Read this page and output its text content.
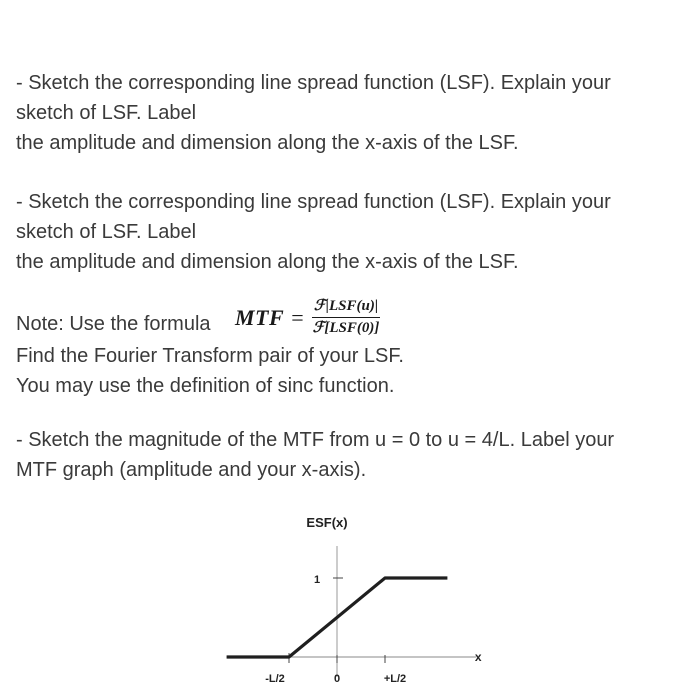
- Sketch the corresponding line spread function (LSF). Explain your
sketch of LSF. Label
the amplitude and dimension along the x-axis of the LSF.
- Sketch the corresponding line spread function (LSF). Explain your
sketch of LSF. Label
the amplitude and dimension along the x-axis of the LSF.
Note: Use the formula MTF = $\frac{\text{ℱ|LSF(u)|}}{\text{ℱ[LSF(0)]}}$
Find the Fourier Transform pair of your LSF.
You may use the definition of sinc function.
- Sketch the magnitude of the MTF from u = 0 to u = 4/L. Label your
MTF graph (amplitude and your x-axis).
ESF(x)
1
-L/2	0	+L/2
x
